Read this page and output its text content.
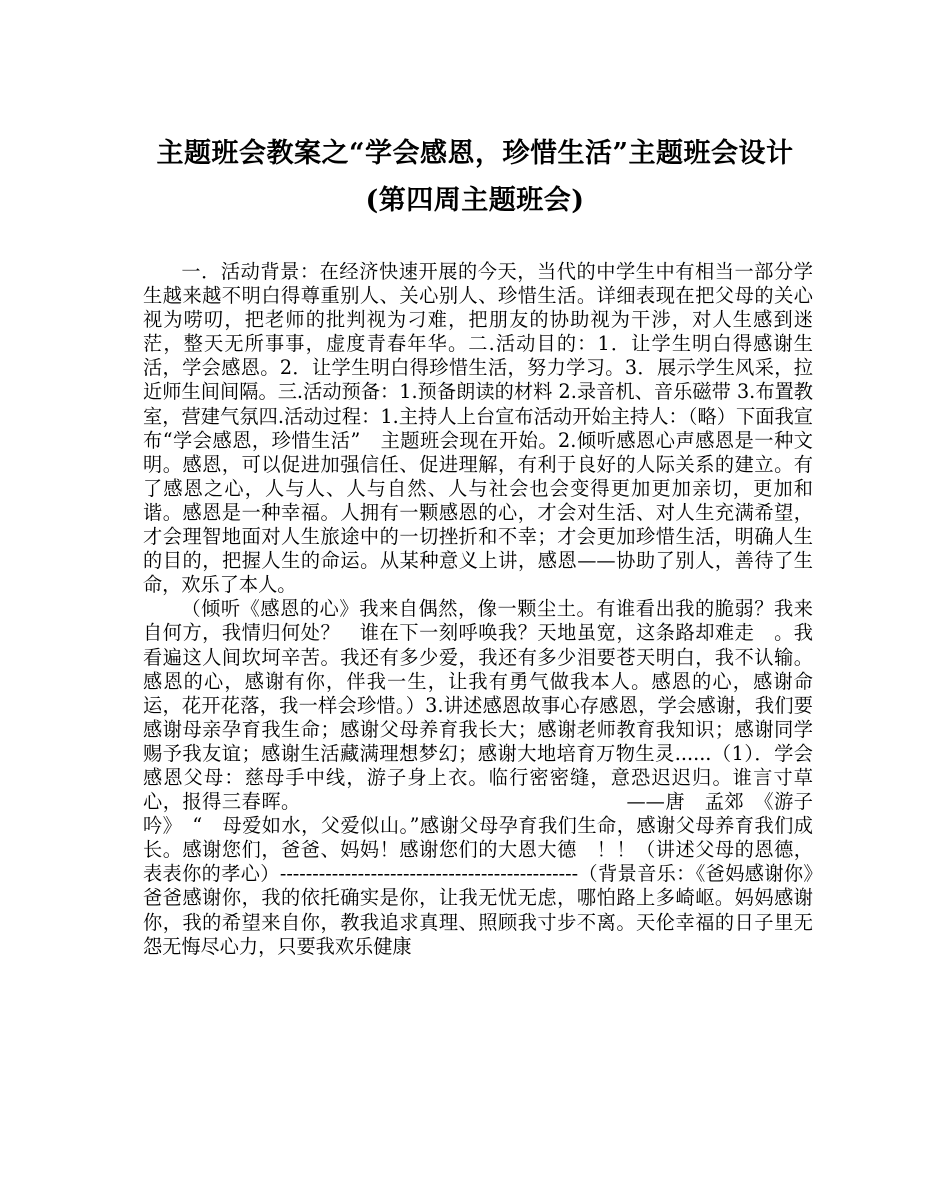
主题班会教案之“学会感恩，珍惜生活”主题班会设计
(第四周主题班会)

一．活动背景：在经济快速开展的今天，当代的中学生中有相当一部分学生越来越不明白得尊重别人、关心别人、珍惜生活。详细表现在把父母的关心视为唠叨，把老师的批判视为刁难，把朋友的协助视为干涉，对人生感到迷茫，整天无所事事，虚度青春年华。二.活动目的：1．让学生明白得感谢生活，学会感恩。2．让学生明白得珍惜生活，努力学习。3．展示学生风采，拉近师生间间隔。三.活动预备：1.预备朗读的材料 2.录音机、音乐磁带 3.布置教室，营建气氛四.活动过程：1.主持人上台宣布活动开始主持人：（略）下面我宣布“学会感恩，珍惜生活”　主题班会现在开始。2.倾听感恩心声感恩是一种文明。感恩，可以促进加强信任、促进理解，有利于良好的人际关系的建立。有了感恩之心，人与人、人与自然、人与社会也会变得更加更加亲切，更加和谐。感恩是一种幸福。人拥有一颗感恩的心，才会对生活、对人生充满希望，才会理智地面对人生旅途中的一切挫折和不幸；才会更加珍惜生活，明确人生的目的，把握人生的命运。从某种意义上讲，感恩——协助了别人，善待了生命，欢乐了本人。

（倾听《感恩的心》我来自偶然，像一颗尘土。有谁看出我的脆弱？我来自何方，我情归何处？　谁在下一刻呼唤我？天地虽宽，这条路却难走　。我看遍这人间坎坷辛苦。我还有多少爱，我还有多少泪要苍天明白，我不认输。感恩的心，感谢有你，伴我一生，让我有勇气做我本人。感恩的心，感谢命运，花开花落，我一样会珍惜。）3.讲述感恩故事心存感恩，学会感谢，我们要感谢母亲孕育我生命；感谢父母养育我长大；感谢老师教育我知识；感谢同学赐予我友谊；感谢生活藏满理想梦幻；感谢大地培育万物生灵......（1）．学会感恩父母：慈母手中线，游子身上衣。临行密密缝，意恐迟迟归。谁言寸草心，报得三春晖。　　　　　　　　　　　　　　　　　——唐　孟郊　《游子吟》　“　母爱如水，父爱似山。”感谢父母孕育我们生命，感谢父母养育我们成长。感谢您们，爸爸、妈妈！感谢您们的大恩大德　！！（讲述父母的恩德，表表你的孝心）----------------------------------------------（背景音乐：《爸妈感谢你》爸爸感谢你，我的依托确实是你，让我无忧无虑，哪怕路上多崎岖。妈妈感谢你，我的希望来自你，教我追求真理、照顾我寸步不离。天伦幸福的日子里无怨无悔尽心力，只要我欢乐健康
